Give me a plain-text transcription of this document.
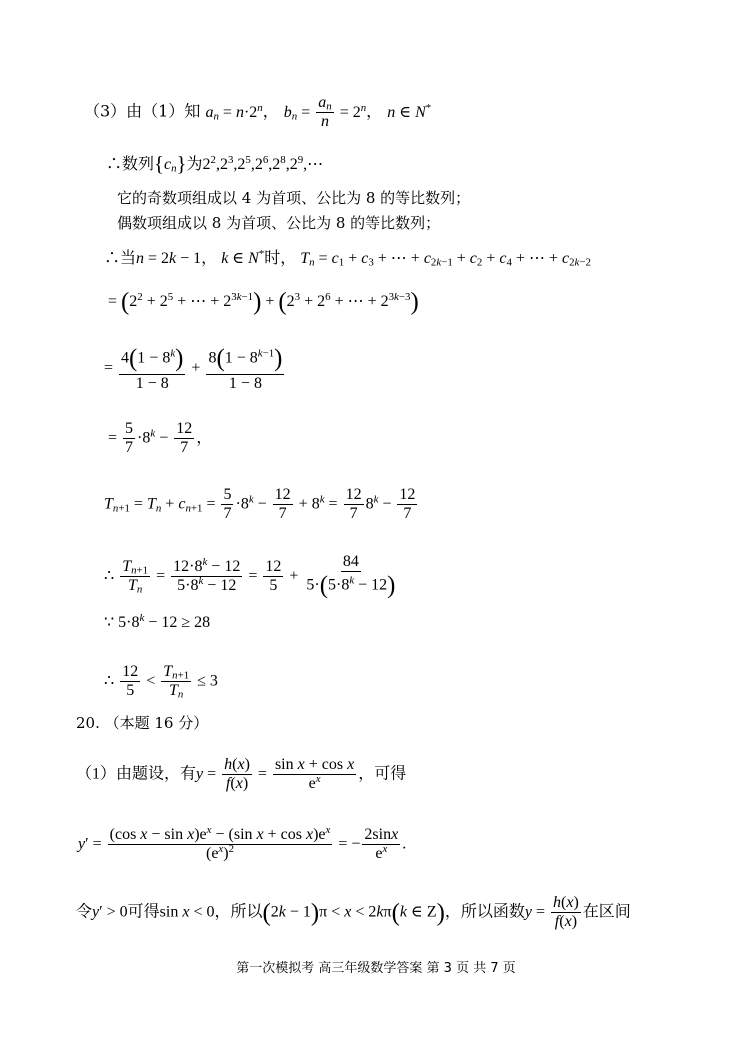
（3）由（1）知 $a_n = n\cdot 2^n$， $b_n = \frac{a_n}{n} = 2^n$， n ∈ N*
∴数列$\{c_n\}$为$2^2,2^3,2^5,2^6,2^8,2^9,\cdots$
它的奇数项组成以 4 为首项、公比为 8 的等比数列；
偶数项组成以 8 为首项、公比为 8 的等比数列；
∴当n = 2k − 1， k ∈ N*时， $T_n = c_1 + c_3$ + ⋯ + $c_{2k-1} + c_2 + c_4$ + ⋯ + $c_{2k-2}$
= ($2^2 + 2^5$ + ⋯ + $2^{3k-1}) + (2^3 + 2^6$ + ⋯ + $2^{3k-3}$)
= $\frac{4(1 - 8^k)}{1 - 8} + \frac{8(1 - 8^{k-1})}{1 - 8}$
= $\frac{5}{7} \cdot 8^k - \frac{12}{7}$ ，
$T_{n+1} = T_n + c_{n+1} = \frac{5}{7} \cdot 8^k - \frac{12}{7} + 8^k = \frac{12}{7} 8^k - \frac{12}{7}$
∴ $\frac{T_{n+1}}{T_n} = \frac{12\cdot 8^k - 12}{5\cdot 8^k - 12} = \frac{12}{5} + \frac{84}{5\cdot(5\cdot 8^k - 12)}$
∵ $5\cdot 8^k - 12 \ge 28$
∴ $\frac{12}{5} < \frac{T_{n+1}}{T_n} \le 3$
20. （本题 16 分）
（1）由题设，有$y = \frac{h(x)}{f(x)} = \frac{\text{sin x + cos x}}{e^x}$ ，可得
$y' = \frac{(\cos x - \sin x)e^x - (\sin x + \cos x)e^x}{(e^x)^2}$ = − $\frac{2\sin x}{e^x}$ .
令y′ > 0可得sin x < 0，所以(2k − 1)π < x < 2kπ(k ∈ Z)，所以函数$y = \frac{h(x)}{f(x)}$ 在区间
第一次模拟考 高三年级数学答案 第 3 页 共 7 页
